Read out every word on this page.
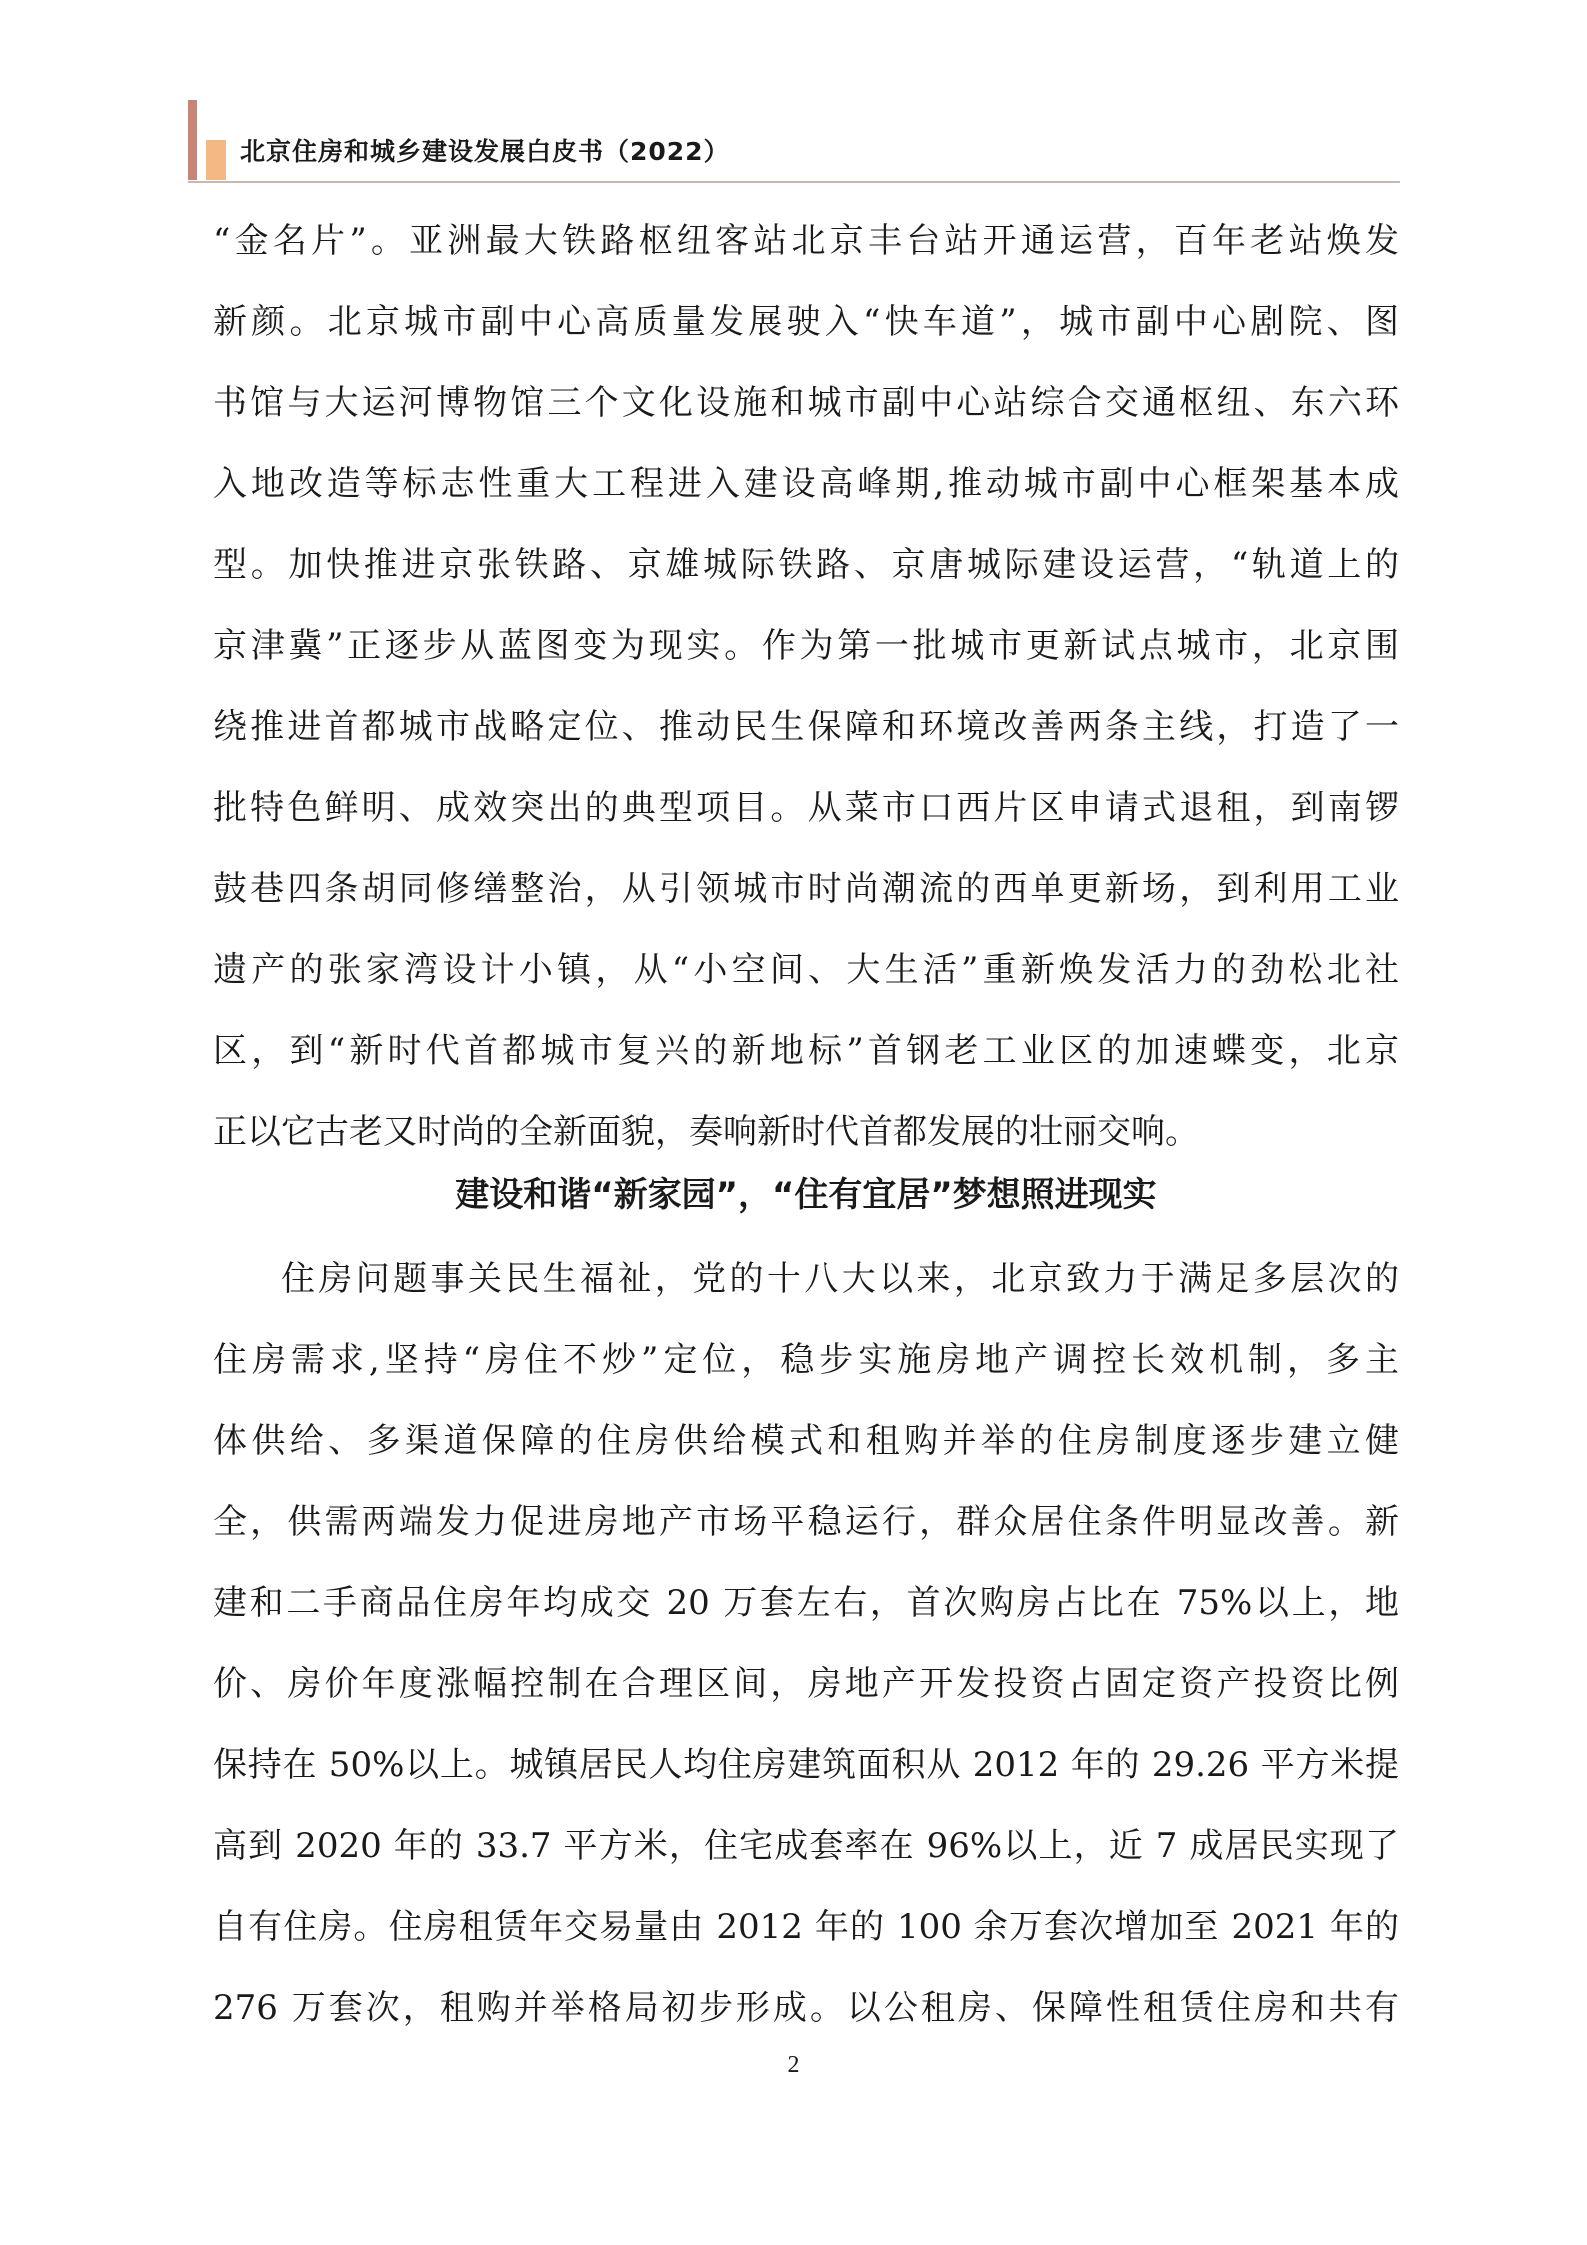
北京住房和城乡建设发展白皮书（2022）
“金名片”。亚洲最大铁路枢纽客站北京丰台站开通运营，百年老站焕发
新颜。北京城市副中心高质量发展驶入“快车道”，城市副中心剧院、图
书馆与大运河博物馆三个文化设施和城市副中心站综合交通枢纽、东六环
入地改造等标志性重大工程进入建设高峰期,推动城市副中心框架基本成
型。加快推进京张铁路、京雄城际铁路、京唐城际建设运营，“轨道上的
京津冀”正逐步从蓝图变为现实。作为第一批城市更新试点城市，北京围
绕推进首都城市战略定位、推动民生保障和环境改善两条主线，打造了一
批特色鲜明、成效突出的典型项目。从菜市口西片区申请式退租，到南锣
鼓巷四条胡同修缮整治，从引领城市时尚潮流的西单更新场，到利用工业
遗产的张家湾设计小镇，从“小空间、大生活”重新焕发活力的劲松北社
区，到“新时代首都城市复兴的新地标”首钢老工业区的加速蝶变，北京
正以它古老又时尚的全新面貌，奏响新时代首都发展的壮丽交响。
建设和谐“新家园”，“住有宜居”梦想照进现实
住房问题事关民生福祉，党的十八大以来，北京致力于满足多层次的
住房需求,坚持“房住不炒”定位，稳步实施房地产调控长效机制，多主
体供给、多渠道保障的住房供给模式和租购并举的住房制度逐步建立健
全，供需两端发力促进房地产市场平稳运行，群众居住条件明显改善。新
建和二手商品住房年均成交 20 万套左右，首次购房占比在 75%以上，地
价、房价年度涨幅控制在合理区间，房地产开发投资占固定资产投资比例
保持在 50%以上。城镇居民人均住房建筑面积从 2012 年的 29.26 平方米提
高到 2020 年的 33.7 平方米，住宅成套率在 96%以上，近 7 成居民实现了
自有住房。住房租赁年交易量由 2012 年的 100 余万套次增加至 2021 年的
276 万套次，租购并举格局初步形成。以公租房、保障性租赁住房和共有
2
